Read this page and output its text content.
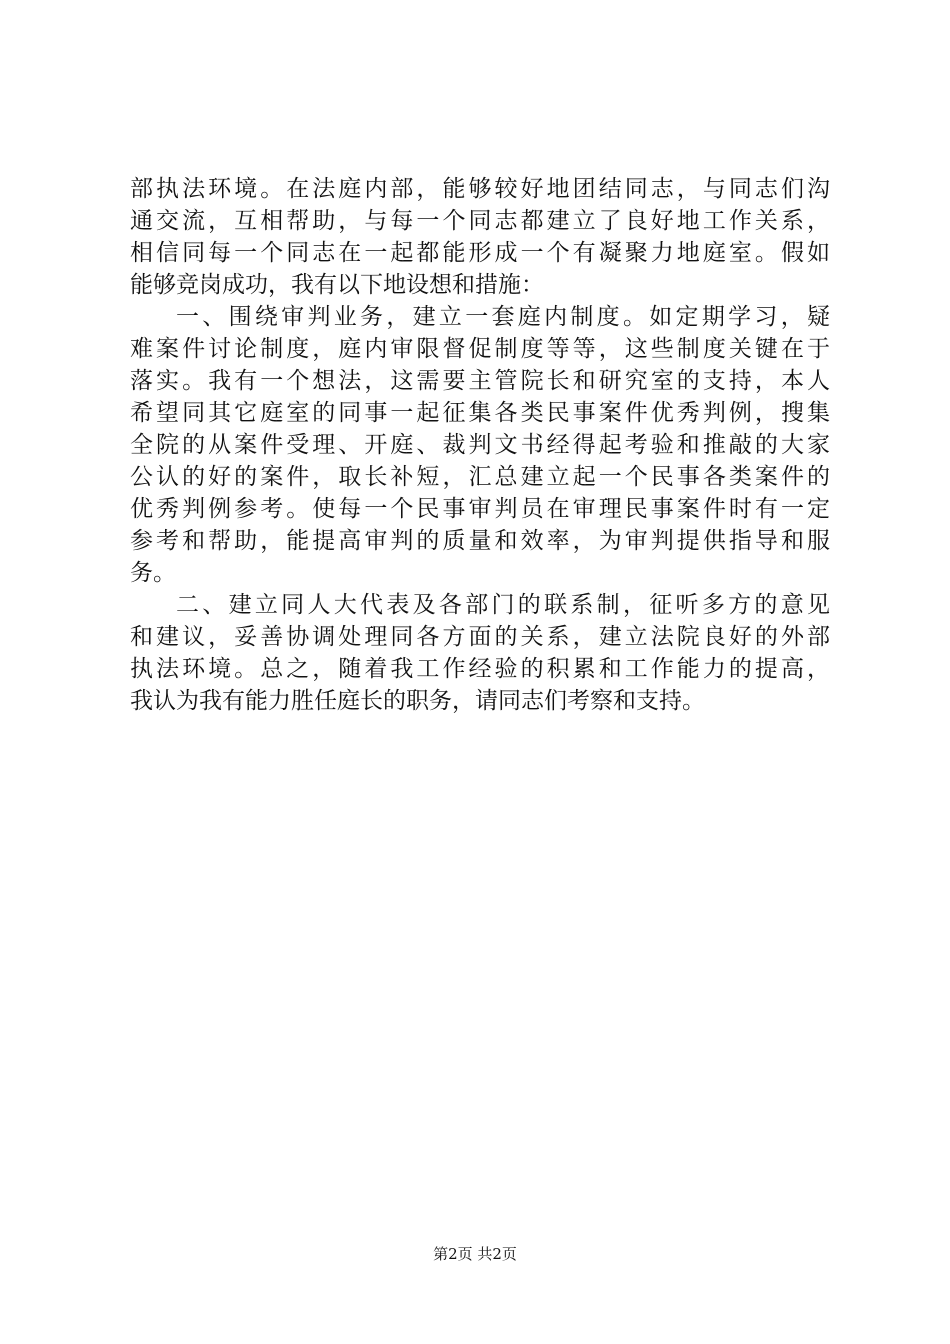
部执法环境。在法庭内部，能够较好地团结同志，与同志们沟
通交流，互相帮助，与每一个同志都建立了良好地工作关系，
相信同每一个同志在一起都能形成一个有凝聚力地庭室。假如
能够竞岗成功，我有以下地设想和措施：
一、围绕审判业务，建立一套庭内制度。如定期学习，疑
难案件讨论制度，庭内审限督促制度等等，这些制度关键在于
落实。我有一个想法，这需要主管院长和研究室的支持，本人
希望同其它庭室的同事一起征集各类民事案件优秀判例，搜集
全院的从案件受理、开庭、裁判文书经得起考验和推敲的大家
公认的好的案件，取长补短，汇总建立起一个民事各类案件的
优秀判例参考。使每一个民事审判员在审理民事案件时有一定
参考和帮助，能提高审判的质量和效率，为审判提供指导和服
务。
二、建立同人大代表及各部门的联系制，征听多方的意见
和建议，妥善协调处理同各方面的关系，建立法院良好的外部
执法环境。总之，随着我工作经验的积累和工作能力的提高，
我认为我有能力胜任庭长的职务，请同志们考察和支持。
第2页 共2页
